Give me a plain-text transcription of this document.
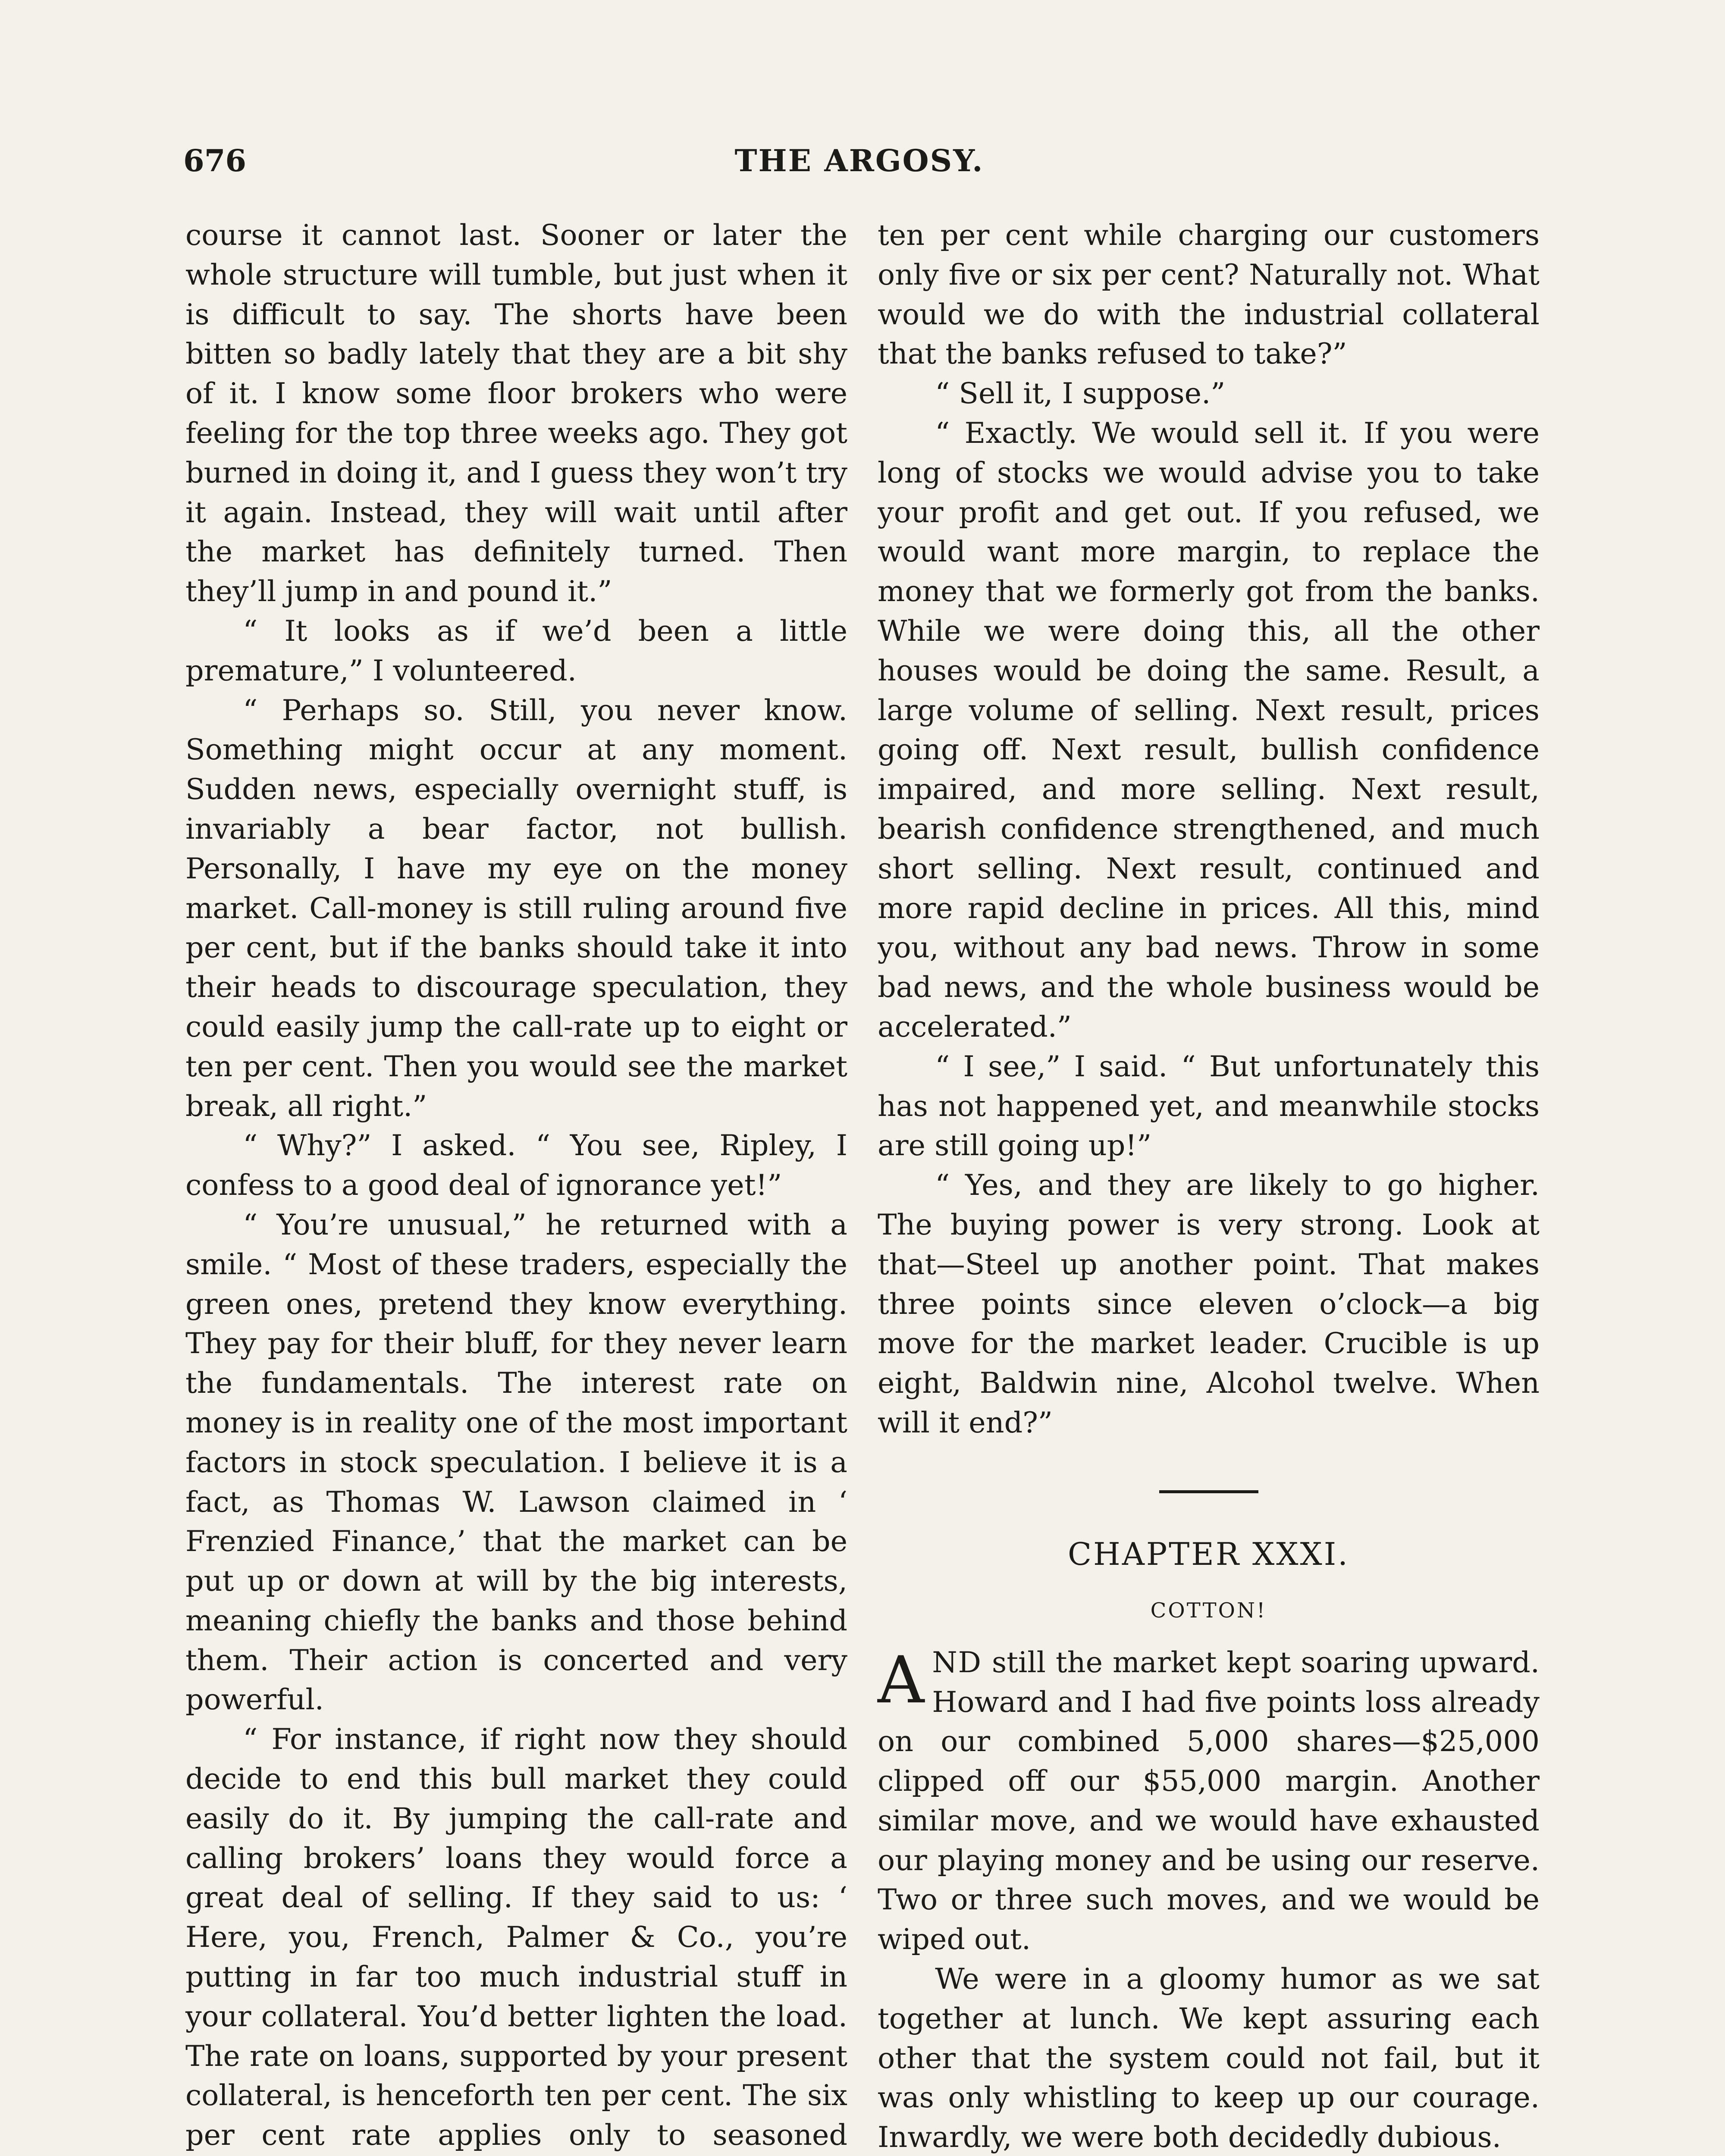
676	THE ARGOSY.

course it cannot last. Sooner or later the whole structure will tumble, but just when it is difficult to say. The shorts have been bitten so badly lately that they are a bit shy of it. I know some floor brokers who were feeling for the top three weeks ago. They got burned in doing it, and I guess they won’t try it again. Instead, they will wait until after the market has definitely turned. Then they’ll jump in and pound it.”

“ It looks as if we’d been a little premature,” I volunteered.

“ Perhaps so. Still, you never know. Something might occur at any moment. Sudden news, especially overnight stuff, is invariably a bear factor, not bullish. Personally, I have my eye on the money market. Call-money is still ruling around five per cent, but if the banks should take it into their heads to discourage speculation, they could easily jump the call-rate up to eight or ten per cent. Then you would see the market break, all right.”

“ Why?” I asked. “ You see, Ripley, I confess to a good deal of ignorance yet!”

“ You’re unusual,” he returned with a smile. “ Most of these traders, especially the green ones, pretend they know everything. They pay for their bluff, for they never learn the fundamentals. The interest rate on money is in reality one of the most important factors in stock speculation. I believe it is a fact, as Thomas W. Lawson claimed in ‘ Frenzied Finance,’ that the market can be put up or down at will by the big interests, meaning chiefly the banks and those behind them. Their action is concerted and very powerful.

“ For instance, if right now they should decide to end this bull market they could easily do it. By jumping the call-rate and calling brokers’ loans they would force a great deal of selling. If they said to us: ‘ Here, you, French, Palmer & Co., you’re putting in far too much industrial stuff in your collateral. You’d better lighten the load. The rate on loans, supported by your present collateral, is henceforth ten per cent. The six per cent rate applies only to seasoned

ten per cent while charging our customers only five or six per cent? Naturally not. What would we do with the industrial collateral that the banks refused to take?”

“ Sell it, I suppose.”

“ Exactly. We would sell it. If you were long of stocks we would advise you to take your profit and get out. If you refused, we would want more margin, to replace the money that we formerly got from the banks. While we were doing this, all the other houses would be doing the same. Result, a large volume of selling. Next result, prices going off. Next result, bullish confidence impaired, and more selling. Next result, bearish confidence strengthened, and much short selling. Next result, continued and more rapid decline in prices. All this, mind you, without any bad news. Throw in some bad news, and the whole business would be accelerated.”

“ I see,” I said. “ But unfortunately this has not happened yet, and meanwhile stocks are still going up!”

“ Yes, and they are likely to go higher. The buying power is very strong. Look at that—Steel up another point. That makes three points since eleven o’clock—a big move for the market leader. Crucible is up eight, Baldwin nine, Alcohol twelve. When will it end?”

CHAPTER XXXI.
COTTON!

AND still the market kept soaring upward. Howard and I had five points loss already on our combined 5,000 shares—$25,000 clipped off our $55,000 margin. Another similar move, and we would have exhausted our playing money and be using our reserve. Two or three such moves, and we would be wiped out.

We were in a gloomy humor as we sat together at lunch. We kept assuring each other that the system could not fail, but it was only whistling to keep up our courage. Inwardly, we were both decidedly dubious.
